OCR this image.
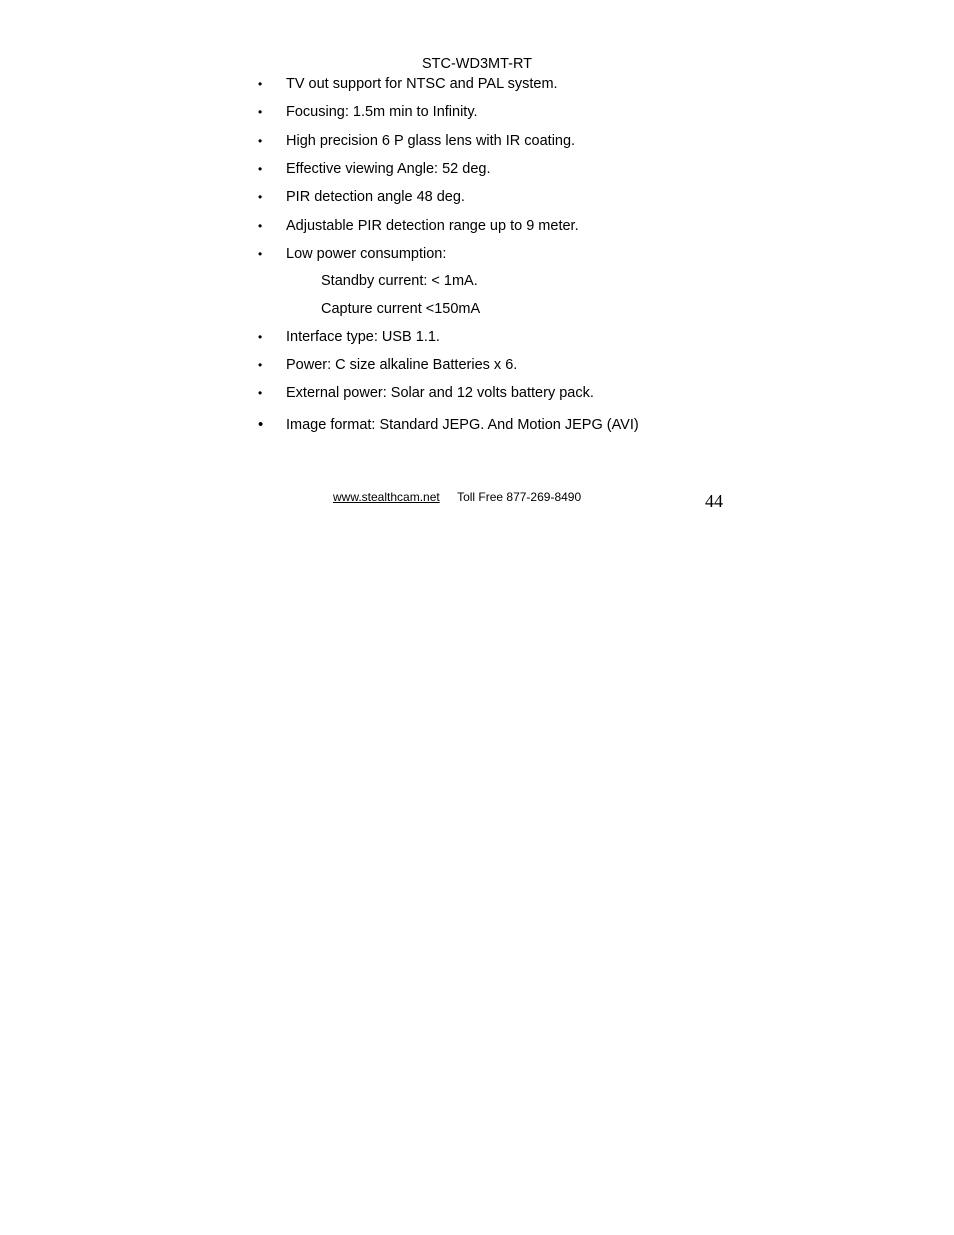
STC-WD3MT-RT
•	TV out support for NTSC and PAL system.
•	Focusing: 1.5m min to Infinity.
•	High precision 6 P glass lens with IR coating.
•	Effective viewing Angle: 52 deg.
•	PIR detection angle 48 deg.
•	Adjustable PIR detection range up to 9 meter.
•	Low power consumption:
Standby current: < 1mA.
Capture current <150mA
•	Interface type: USB 1.1.
•	Power: C size alkaline Batteries x 6.
•	External power: Solar and 12 volts battery pack.
•	Image format: Standard JEPG. And Motion JEPG (AVI)
www.stealthcam.net Toll Free 877-269-8490	44
